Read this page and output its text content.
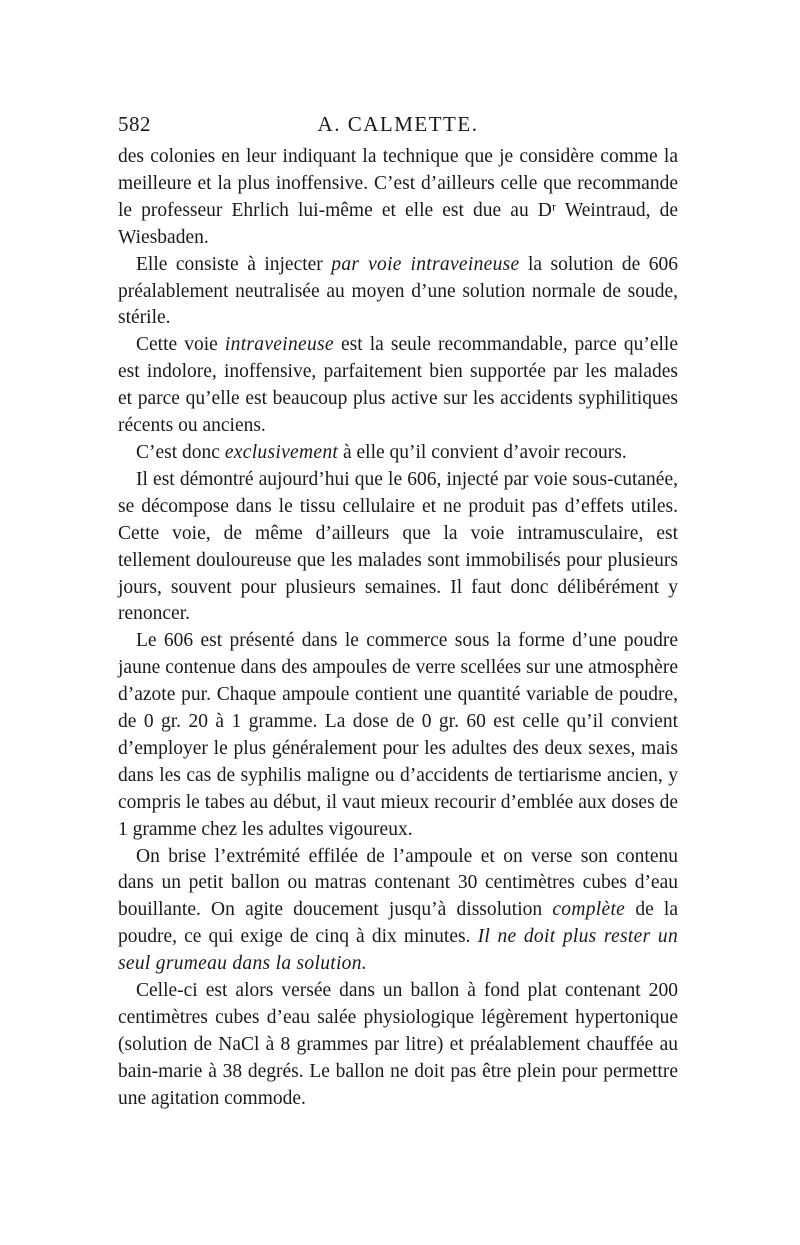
582	A. CALMETTE.

des colonies en leur indiquant la technique que je considère comme la meilleure et la plus inoffensive. C’est d’ailleurs celle que recommande le professeur Ehrlich lui-même et elle est due au Dʳ Weintraud, de Wiesbaden.

Elle consiste à injecter par voie intraveineuse la solution de 606 préalablement neutralisée au moyen d’une solution normale de soude, stérile.

Cette voie intraveineuse est la seule recommandable, parce qu’elle est indolore, inoffensive, parfaitement bien supportée par les malades et parce qu’elle est beaucoup plus active sur les accidents syphilitiques récents ou anciens.

C’est donc exclusivement à elle qu’il convient d’avoir recours.

Il est démontré aujourd’hui que le 606, injecté par voie sous-cutanée, se décompose dans le tissu cellulaire et ne produit pas d’effets utiles. Cette voie, de même d’ailleurs que la voie intramusculaire, est tellement douloureuse que les malades sont immobilisés pour plusieurs jours, souvent pour plusieurs semaines. Il faut donc délibérément y renoncer.

Le 606 est présenté dans le commerce sous la forme d’une poudre jaune contenue dans des ampoules de verre scellées sur une atmosphère d’azote pur. Chaque ampoule contient une quantité variable de poudre, de 0 gr. 20 à 1 gramme. La dose de 0 gr. 60 est celle qu’il convient d’employer le plus généralement pour les adultes des deux sexes, mais dans les cas de syphilis maligne ou d’accidents de tertiarisme ancien, y compris le tabes au début, il vaut mieux recourir d’emblée aux doses de 1 gramme chez les adultes vigoureux.

On brise l’extrémité effilée de l’ampoule et on verse son contenu dans un petit ballon ou matras contenant 30 centimètres cubes d’eau bouillante. On agite doucement jusqu’à dissolution complète de la poudre, ce qui exige de cinq à dix minutes. Il ne doit plus rester un seul grumeau dans la solution.

Celle-ci est alors versée dans un ballon à fond plat contenant 200 centimètres cubes d’eau salée physiologique légèrement hypertonique (solution de NaCl à 8 grammes par litre) et préalablement chauffée au bain-marie à 38 degrés. Le ballon ne doit pas être plein pour permettre une agitation commode.
